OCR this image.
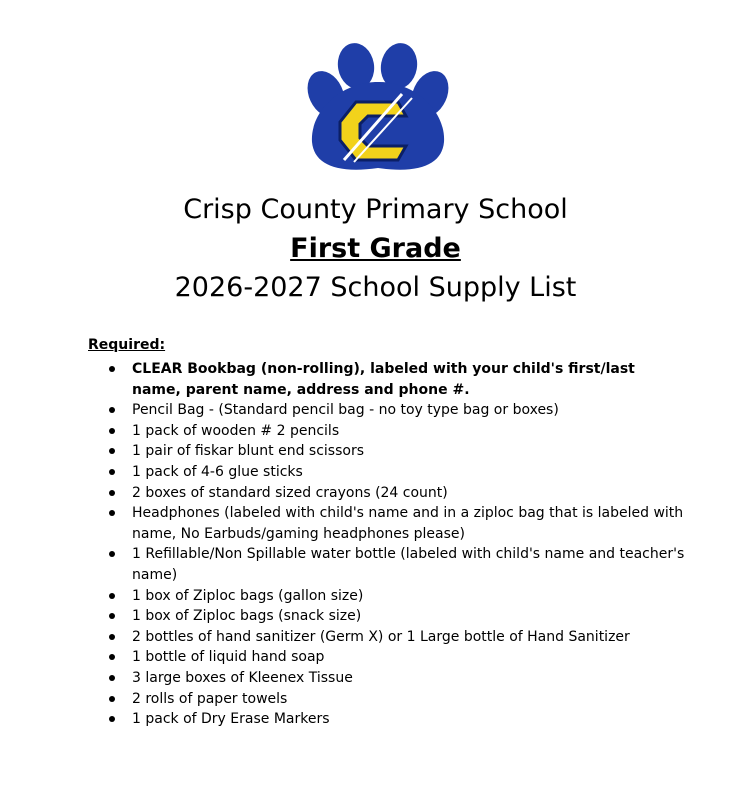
Crisp County Primary School

First Grade

2026-2027 School Supply List

Required:

CLEAR Bookbag (non-rolling), labeled with your child's first/last name, parent name, address and phone #.
Pencil Bag - (Standard pencil bag - no toy type bag or boxes)
1 pack of wooden # 2 pencils
1 pair of fiskar blunt end scissors
1 pack of 4-6 glue sticks
2 boxes of standard sized crayons (24 count)
Headphones (labeled with child's name and in a ziploc bag that is labeled with name, No Earbuds/gaming headphones please)
1 Refillable/Non Spillable water bottle (labeled with child's name and teacher's name)
1 box of Ziploc bags (gallon size)
1 box of Ziploc bags (snack size)
2 bottles of hand sanitizer (Germ X) or 1 Large bottle of Hand Sanitizer
1 bottle of liquid hand soap
3 large boxes of Kleenex Tissue
2 rolls of paper towels
1 pack of Dry Erase Markers
